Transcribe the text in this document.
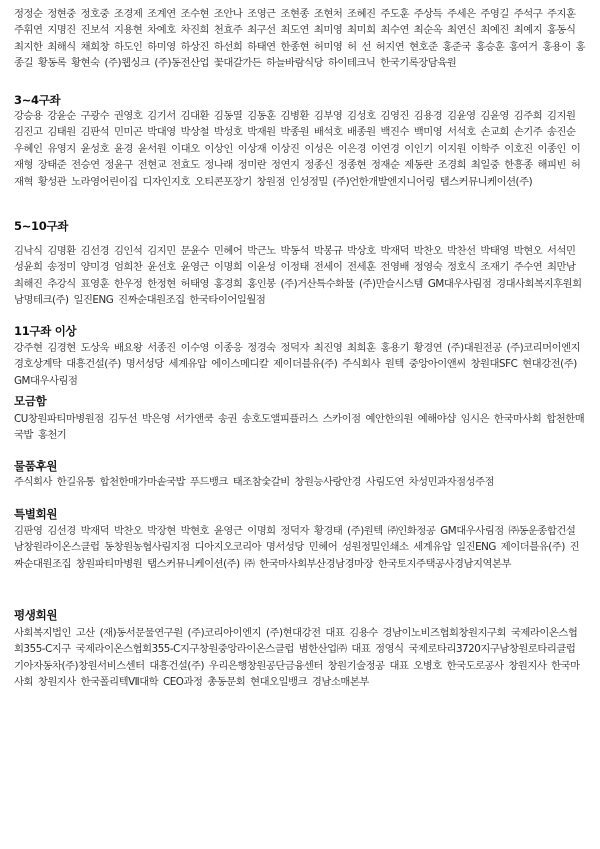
정정순 정현중 정호중 조경제 조계연 조수현 조안나 조영근 조현종 조현처 조혜진 주도훈 주상득 주세은 주영길 주석구 주지훈 주휘연 지명진 진보석 지용현 차예호 차진희 천효주 최구선 최도연 최미영 최미희 최수연 최순옥 최연신 최예진 최예지 홍동식 최지한 최해식 채희창 하도인 하미영 하상진 하선희 하태연 한종현 허미영 허 선 허지연 현호준 홍준국 홍승훈 홍여거 홍용이 홍종길 황동록 황현숙 (주)웹싱크 (주)동전산업 꽃대갈가든 하늘바람식당 하이테크닉 한국기록장담육원
3~4구좌
강승용 강윤순 구광수 권영호 김기서 김대환 김동열 김동훈 김병환 김부영 김성호 김영진 김용경 김윤영 김윤영 김주희 김지원 김진고 김태원 김판석 민미곤 박대영 박상철 박성호 박재원 박종원 배석호 배종원 백진수 백미영 서석호 손교희 손기주 송진순 우혜인 유영지 윤성호 윤경 윤서원 이대오 이상인 이상재 이상진 이성은 이은경 이연경 이인기 이지원 이학주 이호진 이종인 이재형 장태준 전승연 정윤구 전현교 전효도 정나래 정미란 정연지 정종신 정종현 정재순 제동란 조경희 최일중 한흥종 해피빈 허재혁 황성관 노라영어린이집 디자인지호 오티콘포장기 창원점 인성정밀 (주)언한개발엔지니어링 탭스커뮤니케이션(주)
5~10구좌
김낙식 김명환 김선경 김인석 김지민 문윤수 민혜어 박근노 박동석 박봉규 박상호 박재덕 박찬오 박찬선 박태영 박현오 서석민 성윤희 송정미 양미경 엄희찬 윤선호 윤영근 이명희 이윤성 이정태 전세이 전세훈 전영배 정영숙 정호식 조재기 주수연 최만남 최해진 추강식 표영훈 한우정 한정현 허태영 홍경희 홍인봉 (주)거산특수화물 (주)만슬시스템 GM대우사림점 경대사회복지후원회 남명테크(주) 일진ENG 진짜순대원조집 한국타이어일월점
11구좌 이상
강주현 김경현 도상욱 배요왕 서종진 이수영 이종응 정경숙 정덕자 최진영 최희훈 홍용기 황경연 (주)대원전공 (주)코리머이엔지 경호상계탁 대흥건설(주) 명서성당 세계유압 에이스메디칼 제이더블유(주) 주식회사 원텍 중앙아이앤씨 창원대SFC 현대강전(주) GM대우사림점
모금함
CU창원파티마병원점 김두선 박은영 서가앤쿡 송권 송호도앨피플러스 스카이점 예안한의원 예해야샵 임시은 한국마사회 합천한매국밥 홍천기
물품후원
주식회사 한길유통 합천한매가마솥국밥 푸드뱅크 태조참숯갈비 창원능사랑안경 사림도연 차성민과자점성주점
특별회원
김판영 김선경 박재덕 박찬오 박장현 박현호 윤영근 이명희 정덕자 황경태 (주)원텍 ㈜인화정공 GM대우사림점 ㈜동운종합건설 남창원라이온스클럽 동창원농협사림지점 디아지오코리아 명서성당 민혜어 성원정밀인쇄소 세계유압 일진ENG 제이더블유(주) 진짜순대원조집 창원파티마병원 탭스커뮤니케이션(주) ㈜ 한국마사회부산경남경마장 한국토지주택공사경남지역본부
평생회원
사회복지법인 고산 (재)동서문물연구원 (주)코리아이엔지 (주)현대강전 대표 김용수 경남이노비즈협회창원지구회 국제라이온스협회355-C지구 국제라이온스협회355-C지구창원중앙라이온스클럽 범한산업㈜ 대표 정영식 국제로타리3720지구남창원로타리클럽 기아자동차(주)창원서비스센터 대흥건설(주) 우리은행창원공단금융센터 창원기술정공 대표 오병호 한국도로공사 창원지사 한국마사회 창원지사 한국폴리텍Ⅶ대학 CEO과정 총동문회 현대오일뱅크 경남소매본부
